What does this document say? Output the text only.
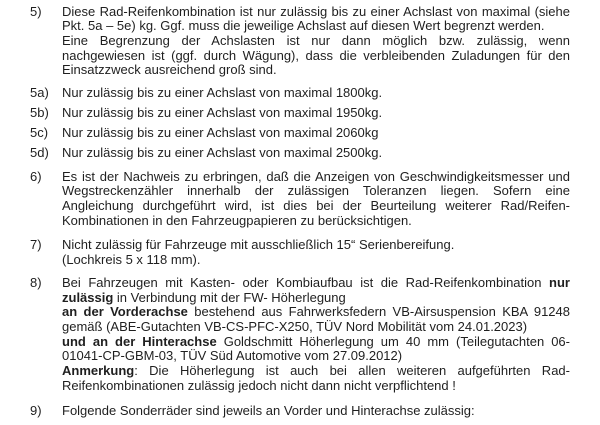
5)	Diese Rad-Reifenkombination ist nur zulässig bis zu einer Achslast von maximal (siehe Pkt. 5a – 5e) kg. Ggf. muss die jeweilige Achslast auf diesen Wert begrenzt werden.
Eine Begrenzung der Achslasten ist nur dann möglich bzw. zulässig, wenn nachgewiesen ist (ggf. durch Wägung), dass die verbleibenden Zuladungen für den Einsatzzweck ausreichend groß sind.
5a)	Nur zulässig bis zu einer Achslast von maximal 1800kg.
5b)	Nur zulässig bis zu einer Achslast von maximal 1950kg.
5c)	Nur zulässig bis zu einer Achslast von maximal 2060kg
5d)	Nur zulässig bis zu einer Achslast von maximal 2500kg.
6)	Es ist der Nachweis zu erbringen, daß die Anzeigen von Geschwindigkeitsmesser und Wegstreckenzähler innerhalb der zulässigen Toleranzen liegen. Sofern eine Angleichung durchgeführt wird, ist dies bei der Beurteilung weiterer Rad/Reifen-Kombinationen in den Fahrzeugpapieren zu berücksichtigen.
7)	Nicht zulässig für Fahrzeuge mit ausschließlich 15“ Serienbereifung.
(Lochkreis 5 x 118 mm).
8)	Bei Fahrzeugen mit Kasten- oder Kombiaufbau ist die Rad-Reifenkombination nur zulässig in Verbindung mit der FW- Höherlegung
an der Vorderachse bestehend aus Fahrwerksfedern VB-Airsuspension KBA 91248 gemäß (ABE-Gutachten VB-CS-PFC-X250, TÜV Nord Mobilität vom 24.01.2023)
und an der Hinterachse Goldschmitt Höherlegung um 40 mm (Teilegutachten 06-01041-CP-GBM-03, TÜV Süd Automotive vom 27.09.2012)
Anmerkung: Die Höherlegung ist auch bei allen weiteren aufgeführten Rad-Reifenkombinationen zulässig jedoch nicht dann nicht verpflichtend !
9)	Folgende Sonderräder sind jeweils an Vorder und Hinterachse zulässig:
